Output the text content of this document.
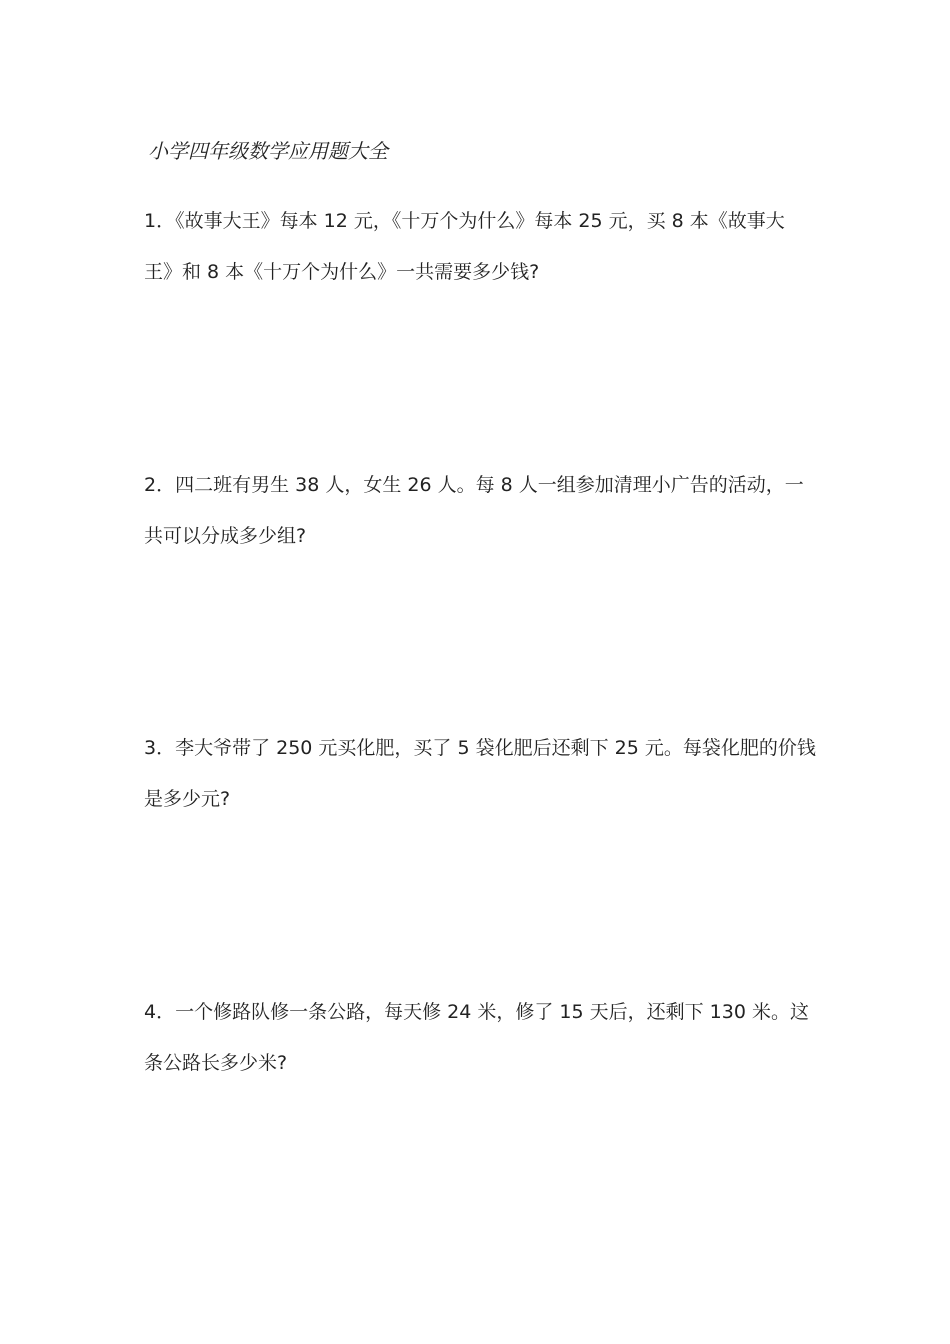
小学四年级数学应用题大全
1．《故事大王》每本 12 元，《十万个为什么》每本 25 元，买 8 本《故事大
王》和 8 本《十万个为什么》一共需要多少钱?
2．四二班有男生 38 人，女生 26 人。每 8 人一组参加清理小广告的活动，一
共可以分成多少组?
3．李大爷带了 250 元买化肥，买了 5 袋化肥后还剩下 25 元。每袋化肥的价钱
是多少元?
4．一个修路队修一条公路，每天修 24 米，修了 15 天后，还剩下 130 米。这
条公路长多少米?
